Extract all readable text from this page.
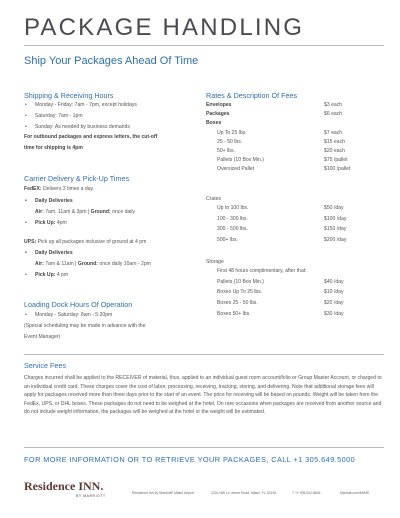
PACKAGE HANDLING
Ship Your Packages Ahead Of Time
Shipping & Receiving Hours
• Monday - Friday: 7am - 7pm, except holidays
• Saturday: 7am - 1pm
• Sunday: As needed by business demands
For outbound packages and express letters, the cut-off
time for shipping is 4pm
Carrier Delivery & Pick-Up Times
FedEX: Delivers 3 times a day
• Daily Deliveries
Air: 7am, 11am & 3pm | Ground: once daily
• Pick Up: 4pm
UPS: Pick up all packages inclusive of ground at 4 pm
• Daily Deliveries
Air: 7am & 11am | Ground: once daily 10am - 2pm
• Pick Up: 4 pm
Loading Dock Hours Of Operation
• Monday - Saturday: 8am - 5:30pm
(Special scheduling may be made in advance with the
Event Manager)
Rates & Description Of Fees
Envelopes	$3 each
Packages	$6 each
Boxes
Up To 25 lbs.	$7 each
25 - 50 lbs.	$15 each
50+ lbs.	$20 each
Pallets (10 Box Min.)	$75 /pallet
Oversized Pallet	$100 /pallet
Crates
Up to 100 lbs.	$50 /day
100 - 300 lbs.	$100 /day
300 - 500 lbs.	$150 /day
500+ lbs.	$200 /day
Storage
First 48 hours complimentary, after that:
Pallets (10 Box Min.)	$40 /day
Boxes Up To 25 lbs.	$10 /day
Boxes 25 - 50 lbs.	$20 /day
Boxes 50+ lbs.	$30 /day
Service Fees
Charges incurred shall be applied to the RECEIVER of material, thus, applied to an individual guest room account/folio or Group Master Account, or charged to an individual credit card. These charges cover the cost of labor, processing, receiving, tracking, storing, and delivering. Note that additional storage fees will apply for packages received more than three days prior to the start of an event. The price for receiving will be based on pounds. Weight will be taken from the FedEx, UPS, or DHL boxes. These packages do not need to be weighed at the hotel. On rare occasions when packages are received from another source and do not include weight information, the packages will be weighed at the hotel or the weight will be estimated.
FOR MORE INFORMATION OR TO RETRIEVE YOUR PACKAGES, CALL +1 305.649.5000
Residence INN.
BY MARRIOTT
Residence Inn by Marriott® Miami Airport	1201 NW Le Jeune Road, Miami, FL 33126	T +1 305.642.8844	Marriott.com/MIARI
